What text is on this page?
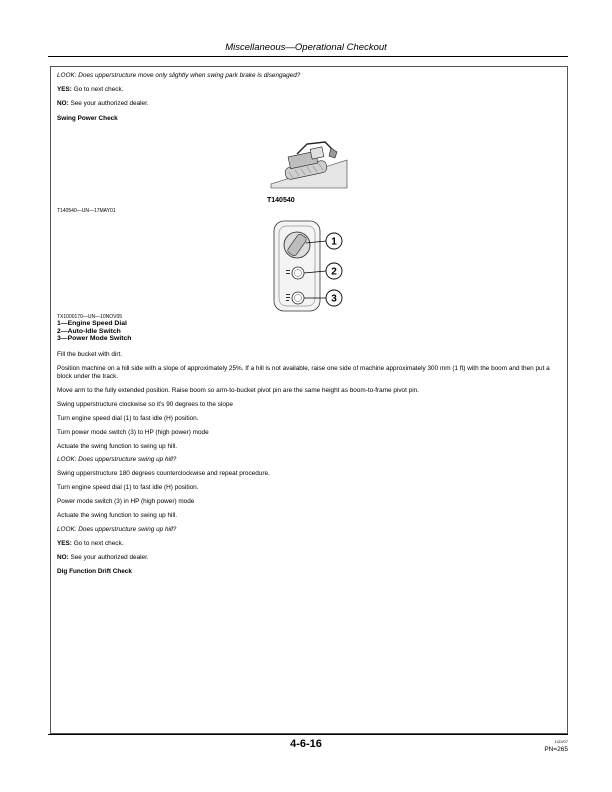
Miscellaneous—Operational Checkout
LOOK: Does upperstructure move only slightly when swing park brake is disengaged?
YES: Go to next check.
NO: See your authorized dealer.
Swing Power Check
T140540
T140540—UN—17MAY01
1
2
3
TX1000170—UN—10NOV05
1—Engine Speed Dial
2—Auto-Idle Switch
3—Power Mode Switch
Fill the bucket with dirt.
Position machine on a hill side with a slope of approximately 25%. If a hill is not available, raise one side of machine approximately 300 mm (1 ft) with the boom and then put a block under the track.
Move arm to the fully extended position. Raise boom so arm-to-bucket pivot pin are the same height as boom-to-frame pivot pin.
Swing upperstructure clockwise so it's 90 degrees to the slope
Turn engine speed dial (1) to fast idle (H) position.
Turn power mode switch (3) to HP (high power) mode
Actuate the swing function to swing up hill.
LOOK: Does upperstructure swing up hill?
Swing upperstructure 180 degrees counterclockwise and repeat procedure.
Turn engine speed dial (1) to fast idle (H) position.
Power mode switch (3) in HP (high power) mode
Actuate the swing function to swing up hill.
LOOK: Does upperstructure swing up hill?
YES: Go to next check.
NO: See your authorized dealer.
Dig Function Drift Check
4-6-16	1/22/07
PN=265
